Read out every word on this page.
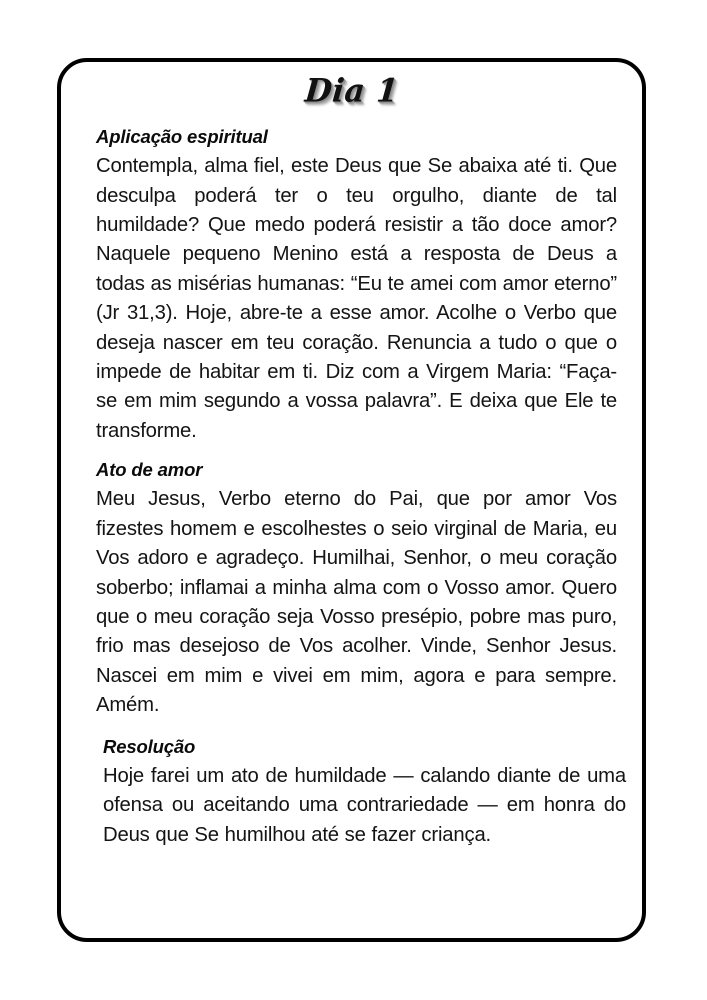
Dia 1
Aplicação espiritual

Contempla, alma fiel, este Deus que Se abaixa até ti. Que desculpa poderá ter o teu orgulho, diante de tal humildade? Que medo poderá resistir a tão doce amor? Naquele pequeno Menino está a resposta de Deus a todas as misérias humanas: “Eu te amei com amor eterno” (Jr 31,3). Hoje, abre-te a esse amor. Acolhe o Verbo que deseja nascer em teu coração. Renuncia a tudo o que o impede de habitar em ti. Diz com a Virgem Maria: “Faça-se em mim segundo a vossa palavra”. E deixa que Ele te transforme.

Ato de amor

Meu Jesus, Verbo eterno do Pai, que por amor Vos fizestes homem e escolhestes o seio virginal de Maria, eu Vos adoro e agradeço. Humilhai, Senhor, o meu coração soberbo; inflamai a minha alma com o Vosso amor. Quero que o meu coração seja Vosso presépio, pobre mas puro, frio mas desejoso de Vos acolher. Vinde, Senhor Jesus. Nascei em mim e vivei em mim, agora e para sempre. Amém.

Resolução

Hoje farei um ato de humildade — calando diante de uma ofensa ou aceitando uma contrariedade — em honra do Deus que Se humilhou até se fazer criança.
